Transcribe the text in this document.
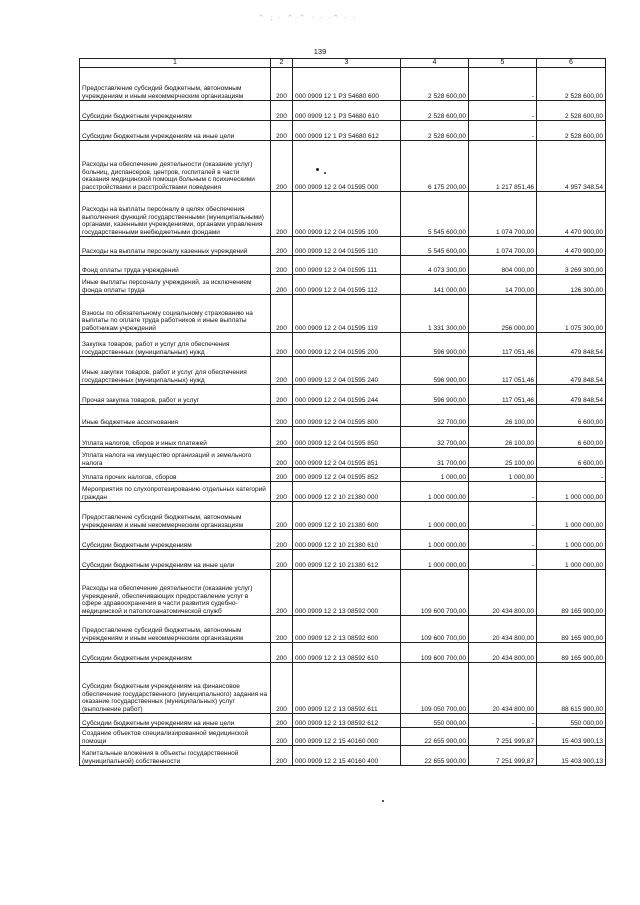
^ ; · ^·^ · · ·^ · ·
139
1	2	3	4	5	6

Предоставление субсидий бюджетным, автономным учреждениям и иным некоммерческим организациям	200	000 0909 12 1 Р3 54680 600	2 528 600,00	-	2 528 600,00

Субсидии бюджетным учреждениям	200	000 0909 12 1 Р3 54680 610	2 528 600,00	-	2 528 600,00

Субсидии бюджетным учреждениям на иные цели	200	000 0909 12 1 Р3 54680 612	2 528 600,00	-	2 528 600,00

Расходы на обеспечение деятельности (оказание услуг) больниц, диспансеров, центров, госпиталей в части оказания медицинской помощи больным с психическими расстройствами и расстройствами поведения	200	000 0909 12 2 04 01595 000	6 175 200,00	1 217 851,46	4 957 348,54

Расходы на выплаты персоналу в целях обеспечения выполнения функций государственными (муниципальными) органами, казенными учреждениями, органами управления государственными внебюджетными фондами	200	000 0909 12 2 04 01595 100	5 545 600,00	1 074 700,00	4 470 900,00

Расходы на выплаты персоналу казенных учреждений	200	000 0909 12 2 04 01595 110	5 545 600,00	1 074 700,00	4 470 900,00

Фонд оплаты труда учреждений	200	000 0909 12 2 04 01595 111	4 073 300,00	804 000,00	3 269 300,00

Иные выплаты персоналу учреждений, за исключением фонда оплаты труда	200	000 0909 12 2 04 01595 112	141 000,00	14 700,00	126 300,00

Взносы по обязательному социальному страхованию на выплаты по оплате труда работников и иные выплаты работникам учреждений	200	000 0909 12 2 04 01595 119	1 331 300,00	256 000,00	1 075 300,00

Закупка товаров, работ и услуг для обеспечения государственных (муниципальных) нужд	200	000 0909 12 2 04 01595 200	596 900,00	117 051,46	479 848,54

Иные закупки товаров, работ и услуг для обеспечения государственных (муниципальных) нужд	200	000 0909 12 2 04 01595 240	596 900,00	117 051,46	479 848,54

Прочая закупка товаров, работ и услуг	200	000 0909 12 2 04 01595 244	596 900,00	117 051,46	479 848,54

Иные бюджетные ассигнования	200	000 0909 12 2 04 01595 800	32 700,00	26 100,00	6 600,00

Уплата налогов, сборов и иных платежей	200	000 0909 12 2 04 01595 850	32 700,00	26 100,00	6 600,00

Уплата налога на имущество организаций и земельного налога	200	000 0909 12 2 04 01595 851	31 700,00	25 100,00	6 600,00

Уплата прочих налогов, сборов	200	000 0909 12 2 04 01595 852	1 000,00	1 000,00	-

Мероприятия по слухопротезированию отдельных категорий граждан	200	000 0909 12 2 10 21380 000	1 000 000,00	-	1 000 000,00

Предоставление субсидий бюджетным, автономным учреждениям и иным некоммерческим организациям	200	000 0909 12 2 10 21380 600	1 000 000,00	-	1 000 000,00

Субсидии бюджетным учреждениям	200	000 0909 12 2 10 21380 610	1 000 000,00	-	1 000 000,00

Субсидии бюджетным учреждениям на иные цели	200	000 0909 12 2 10 21380 612	1 000 000,00	-	1 000 000,00

Расходы на обеспечение деятельности (оказание услуг) учреждений, обеспечивающих предоставление услуг в сфере здравоохранения в части развития судебно-медицинской и патологоанатомической служб	200	000 0909 12 2 13 08592 000	109 600 700,00	20 434 800,00	89 165 900,00

Предоставление субсидий бюджетным, автономным учреждениям и иным некоммерческим организациям	200	000 0909 12 2 13 08592 600	109 600 700,00	20 434 800,00	89 165 900,00

Субсидии бюджетным учреждениям	200	000 0909 12 2 13 08592 610	109 600 700,00	20 434 800,00	89 165 900,00

Субсидии бюджетным учреждениям на финансовое обеспечение государственного (муниципального) задания на оказание государственных (муниципальных) услуг (выполнение работ)	200	000 0909 12 2 13 08592 611	109 050 700,00	20 434 800,00	88 615 900,00

Субсидии бюджетным учреждениям на иные цели	200	000 0909 12 2 13 08592 612	550 000,00	-	550 000,00

Создание объектов специализированной медицинской помощи	200	000 0909 12 2 15 40160 000	22 655 900,00	7 251 999,87	15 403 900,13

Капитальные вложения в объекты государственной (муниципальной) собственности	200	000 0909 12 2 15 40160 400	22 655 900,00	7 251 999,87	15 403 900,13
